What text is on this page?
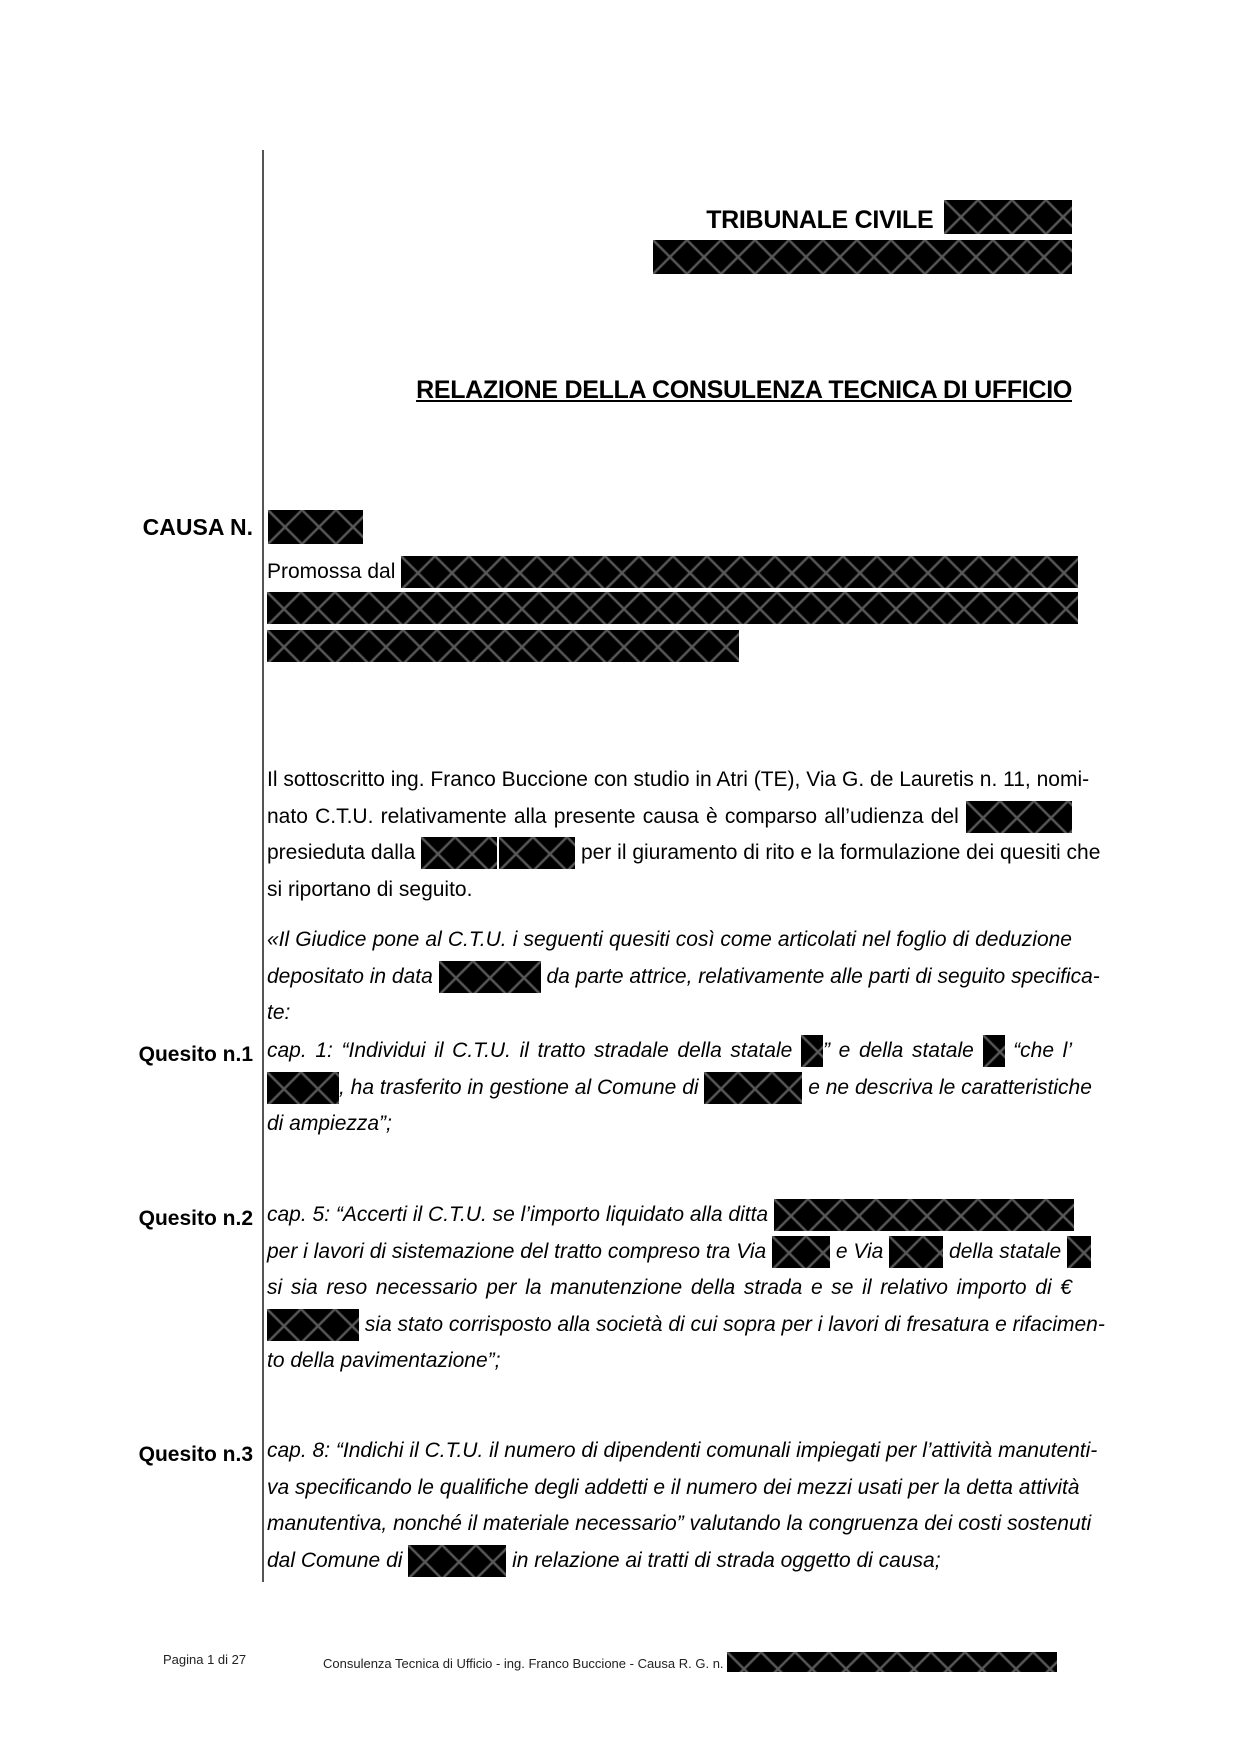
TRIBUNALE CIVILE
RELAZIONE DELLA CONSULENZA TECNICA DI UFFICIO
CAUSA N.
Promossa dal
Il sottoscritto ing. Franco Buccione con studio in Atri (TE), Via G. de Lauretis n. 11, nomi-
nato C.T.U. relativamente alla presente causa è comparso all’udienza del
presieduta dalla	per il giuramento di rito e la formulazione dei quesiti che
si riportano di seguito.
«Il Giudice pone al C.T.U. i seguenti quesiti così come articolati nel foglio di deduzione
depositato in data	da parte attrice, relativamente alle parti di seguito specifica-
te:
Quesito n.1 cap. 1: “Individui il C.T.U. il tratto stradale della statale ” e della statale “che l’
, ha trasferito in gestione al Comune di	e ne descriva le caratteristiche
di ampiezza”;
Quesito n.2 cap. 5: “Accerti il C.T.U. se l’importo liquidato alla ditta
per i lavori di sistemazione del tratto compreso tra Via	e Via	della statale
si sia reso necessario per la manutenzione della strada e se il relativo importo di €
sia stato corrisposto alla società di cui sopra per i lavori di fresatura e rifacimen-
to della pavimentazione”;
Quesito n.3 cap. 8: “Indichi il C.T.U. il numero di dipendenti comunali impiegati per l’attività manutenti-
va specificando le qualifiche degli addetti e il numero dei mezzi usati per la detta attività
manutentiva, nonché il materiale necessario” valutando la congruenza dei costi sostenuti
dal Comune di	in relazione ai tratti di strada oggetto di causa;
Pagina 1 di 27	Consulenza Tecnica di Ufficio - ing. Franco Buccione - Causa R. G. n.
